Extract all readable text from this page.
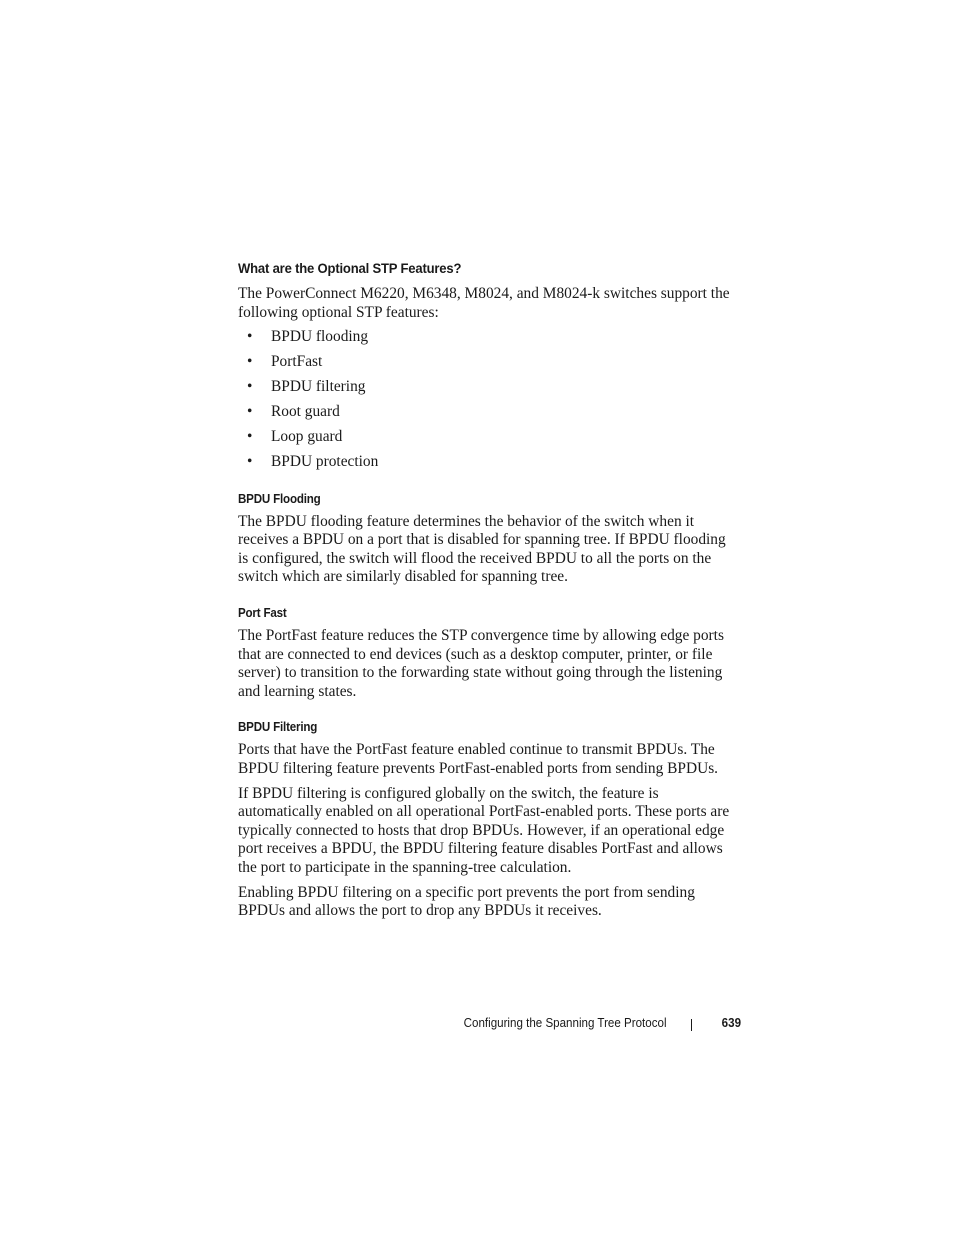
What are the Optional STP Features?

The PowerConnect M6220, M6348, M8024, and M8024-k switches support the following optional STP features:

• BPDU flooding
• PortFast
• BPDU filtering
• Root guard
• Loop guard
• BPDU protection
BPDU Flooding

The BPDU flooding feature determines the behavior of the switch when it receives a BPDU on a port that is disabled for spanning tree. If BPDU flooding is configured, the switch will flood the received BPDU to all the ports on the switch which are similarly disabled for spanning tree.

Port Fast

The PortFast feature reduces the STP convergence time by allowing edge ports that are connected to end devices (such as a desktop computer, printer, or file server) to transition to the forwarding state without going through the listening and learning states.

BPDU Filtering

Ports that have the PortFast feature enabled continue to transmit BPDUs. The BPDU filtering feature prevents PortFast-enabled ports from sending BPDUs.

If BPDU filtering is configured globally on the switch, the feature is automatically enabled on all operational PortFast-enabled ports. These ports are typically connected to hosts that drop BPDUs. However, if an operational edge port receives a BPDU, the BPDU filtering feature disables PortFast and allows the port to participate in the spanning-tree calculation.

Enabling BPDU filtering on a specific port prevents the port from sending BPDUs and allows the port to drop any BPDUs it receives.

Configuring the Spanning Tree Protocol	639
